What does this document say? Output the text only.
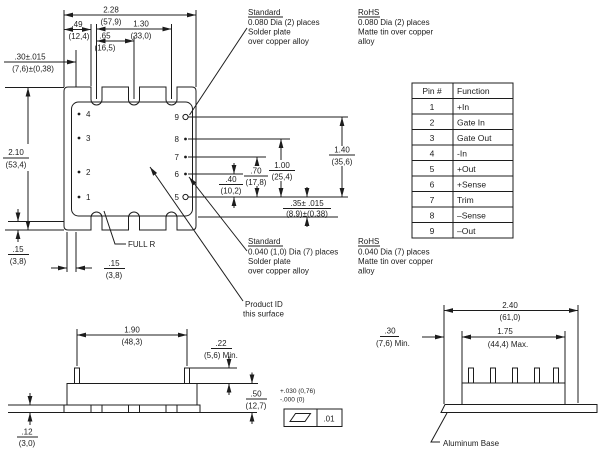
4
3
2
1
9
8
7
6
5
2.28
(57,9) 1.30
(33,0)
.49
(12,4) .65
(16,5)
.30±.015
(7,6)±(0,38)
2.10
(53,4)
.15
(3,8)	.15
(3,8)
FULL R
1.40
(35,6)
1.00
(25,4)
.70
(17,8)
.40
(10,2)
.35± .015
(8,9)±(0,38)
Standard
0.080 Dia (2) places
Solder plate
over copper alloy
RoHS
0.080 Dia (2) places
Matte tin over copper
alloy
Standard
0.040 (1,0) Dia (7) places
Solder plate
over copper alloy
RoHS
0.040 Dia (7) places
Matte tin over copper
alloy
Product ID
this surface
Pin # Function
1	+In
2	Gate In
3	Gate Out
4	-In
5	+Out
6	+Sense
7	Trim
8	–Sense
9	–Out
1.90
(48,3)
.12
(3,0)
.22
(5,6) Min.
.50
(12,7)
+.030 (0,76)
-.000 (0)
.01
2.40
(61,0)
1.75
(44,4) Max.
.30
(7,6) Min.
Aluminum Base
